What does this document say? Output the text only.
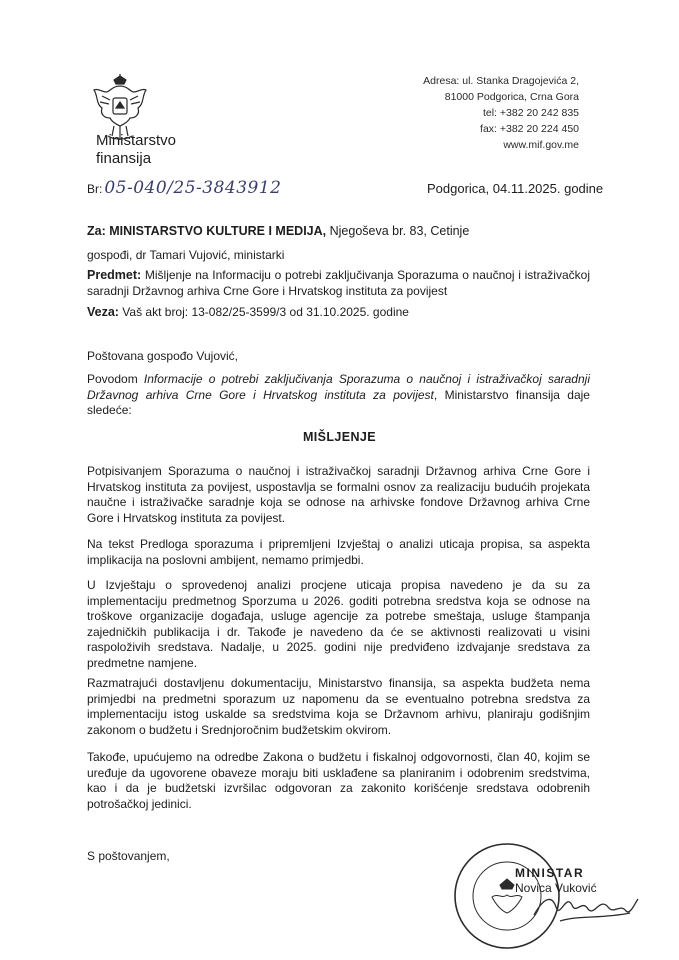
Ministarstvo
finansija
Adresa: ul. Stanka Dragojevića 2,
81000 Podgorica, Crna Gora
tel: +382 20 242 835
fax: +382 20 224 450
www.mif.gov.me
Br: 05-040/25-3843912	Podgorica, 04.11.2025. godine
Za: MINISTARSTVO KULTURE I MEDIJA, Njegoševa br. 83, Cetinje
gospođi, dr Tamari Vujović, ministarki

Predmet: Mišljenje na Informaciju o potrebi zaključivanja Sporazuma o naučnoj i istraživačkoj saradnji Državnog arhiva Crne Gore i Hrvatskog instituta za povijest

Veza: Vaš akt broj: 13-082/25-3599/3 od 31.10.2025. godine
Poštovana gospođo Vujović,

Povodom Informacije o potrebi zaključivanja Sporazuma o naučnoj i istraživačkoj saradnji Državnog arhiva Crne Gore i Hrvatskog instituta za povijest, Ministarstvo finansija daje sledeće:

MIŠLJENJE

Potpisivanjem Sporazuma o naučnoj i istraživačkoj saradnji Državnog arhiva Crne Gore i Hrvatskog instituta za povijest, uspostavlja se formalni osnov za realizaciju budućih projekata naučne i istraživačke saradnje koja se odnose na arhivske fondove Državnog arhiva Crne Gore i Hrvatskog instituta za povijest.

Na tekst Predloga sporazuma i pripremljeni Izvještaj o analizi uticaja propisa, sa aspekta implikacija na poslovni ambijent, nemamo primjedbi.

U Izvještaju o sprovedenoj analizi procjene uticaja propisa navedeno je da su za implementaciju predmetnog Sporzuma u 2026. goditi potrebna sredstva koja se odnose na troškove organizacije događaja, usluge agencije za potrebe smeštaja, usluge štampanja zajedničkih publikacija i dr. Takođe je navedeno da će se aktivnosti realizovati u visini raspoloživih sredstava. Nadalje, u 2025. godini nije predviđeno izdvajanje sredstava za predmetne namjene.

Razmatrajući dostavljenu dokumentaciju, Ministarstvo finansija, sa aspekta budžeta nema primjedbi na predmetni sporazum uz napomenu da se eventualno potrebna sredstva za implementaciju istog uskalde sa sredstvima koja se Državnom arhivu, planiraju godišnjim zakonom o budžetu i Srednjoročnim budžetskim okvirom.

Takođe, upućujemo na odredbe Zakona o budžetu i fiskalnoj odgovornosti, član 40, kojim se uređuje da ugovorene obaveze moraju biti usklađene sa planiranim i odobrenim sredstvima, kao i da je budžetski izvršilac odgovoran za zakonito korišćenje sredstava odobrenih potrošačkoj jedinici.

S poštovanjem,
MINISTAR
Novica Vuković
